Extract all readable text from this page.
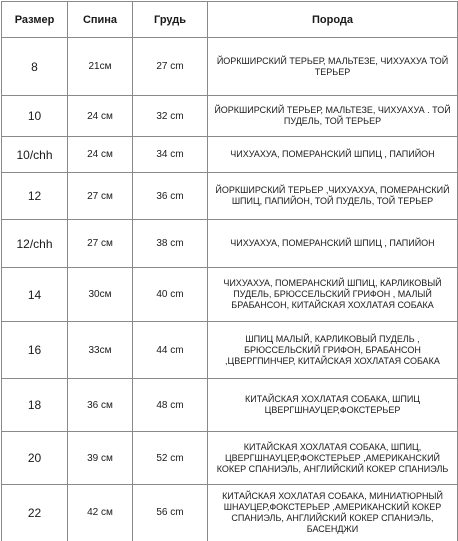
Размер	Спина	Грудь	Порода
8	21см	27 cm	ЙОРКШИРСКИЙ ТЕРЬЕР, МАЛЬТЕЗЕ, ЧИХУАХУА ТОЙ ТЕРЬЕР
10	24 см	32 cm	ЙОРКШИРСКИЙ ТЕРЬЕР, МАЛЬТЕЗЕ, ЧИХУАХУА . ТОЙ ПУДЕЛЬ, ТОЙ ТЕРЬЕР
10/chh	24 см	34 cm	ЧИХУАХУА, ПОМЕРАНСКИЙ ШПИЦ , ПАПИЙОН
12	27 см	36 cm	ЙОРКШИРСКИЙ ТЕРЬЕР ,ЧИХУАХУА, ПОМЕРАНСКИЙ ШПИЦ, ПАПИЙОН, ТОЙ ПУДЕЛЬ, ТОЙ ТЕРЬЕР
12/chh	27 см	38 cm	ЧИХУАХУА, ПОМЕРАНСКИЙ ШПИЦ , ПАПИЙОН
14	30см	40 cm	ЧИХУАХУА, ПОМЕРАНСКИЙ ШПИЦ, КАРЛИКОВЫЙ ПУДЕЛЬ, БРЮССЕЛЬСКИЙ ГРИФОН , МАЛЫЙ БРАБАНСОН, КИТАЙСКАЯ ХОХЛАТАЯ СОБАКА
16	33см	44 cm	ШПИЦ МАЛЫЙ, КАРЛИКОВЫЙ ПУДЕЛЬ , БРЮССЕЛЬСКИЙ ГРИФОН, БРАБАНСОН ,ЦВЕРГПИНЧЕР, КИТАЙСКАЯ ХОХЛАТАЯ СОБАКА
18	36 см	48 cm	КИТАЙСКАЯ ХОХЛАТАЯ СОБАКА, ШПИЦ ЦВЕРГШНАУЦЕР,ФОКСТЕРЬЕР
20	39 см	52 cm	КИТАЙСКАЯ ХОХЛАТАЯ СОБАКА, ШПИЦ, ЦВЕРГШНАУЦЕР,ФОКСТЕРЬЕР ,АМЕРИКАНСКИЙ КОКЕР СПАНИЭЛЬ, АНГЛИЙСКИЙ КОКЕР СПАНИЭЛЬ
22	42 см	56 cm	КИТАЙСКАЯ ХОХЛАТАЯ СОБАКА, МИНИАТЮРНЫЙ ШНАУЦЕР,ФОКСТЕРЬЕР ,АМЕРИКАНСКИЙ КОКЕР СПАНИЭЛЬ, АНГЛИЙСКИЙ КОКЕР СПАНИЭЛЬ, БАСЕНДЖИ
